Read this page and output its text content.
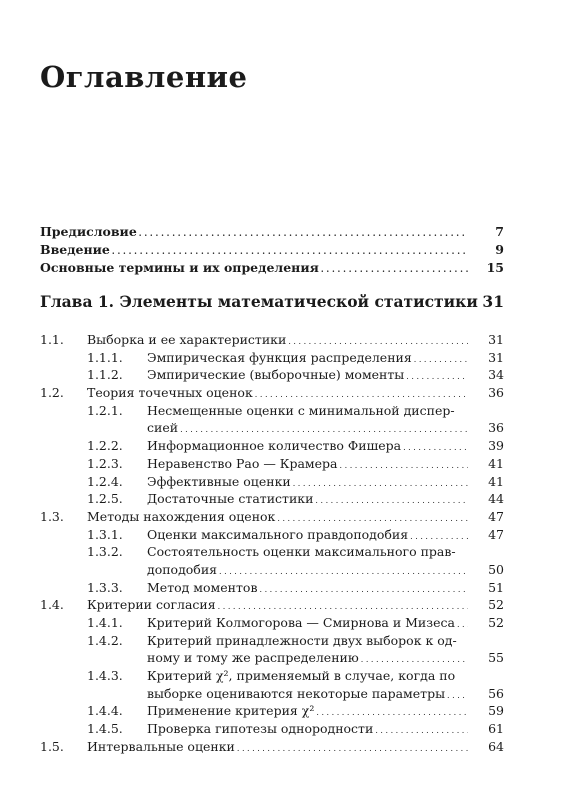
Оглавление
Предисловие . . .	7
Введение . . .	9
Основные термины и их определения . . .	15
Глава 1. Элементы математической статистики 31
1.1.	Выборка и ее характеристики . . .	31
1.1.1.	Эмпирическая функция распределения . . .	31
1.1.2.	Эмпирические (выборочные) моменты . . .	34
1.2.	Теория точечных оценок . . .	36
1.2.1.	Несмещенные оценки с минимальной диспер-
сией . . .	36
1.2.2.	Информационное количество Фишера . . .	39
1.2.3.	Неравенство Рао — Крамера . . .	41
1.2.4.	Эффективные оценки . . .	41
1.2.5.	Достаточные статистики . . .	44
1.3.	Методы нахождения оценок . . .	47
1.3.1.	Оценки максимального правдоподобия . . .	47
1.3.2.	Состоятельность оценки максимального прав-
доподобия . . .	50
1.3.3.	Метод моментов . . .	51
1.4.	Критерии согласия . . .	52
1.4.1.	Критерий Колмогорова — Смирнова и Мизеса . . .	52
1.4.2.	Критерий принадлежности двух выборок к од-
ному и тому же распределению . . .	55
1.4.3.	Критерий χ², применяемый в случае, когда по
выборке оцениваются некоторые параметры . . .	56
1.4.4.	Применение критерия χ² . . .	59
1.4.5.	Проверка гипотезы однородности . . .	61
1.5.	Интервальные оценки . . .	64
